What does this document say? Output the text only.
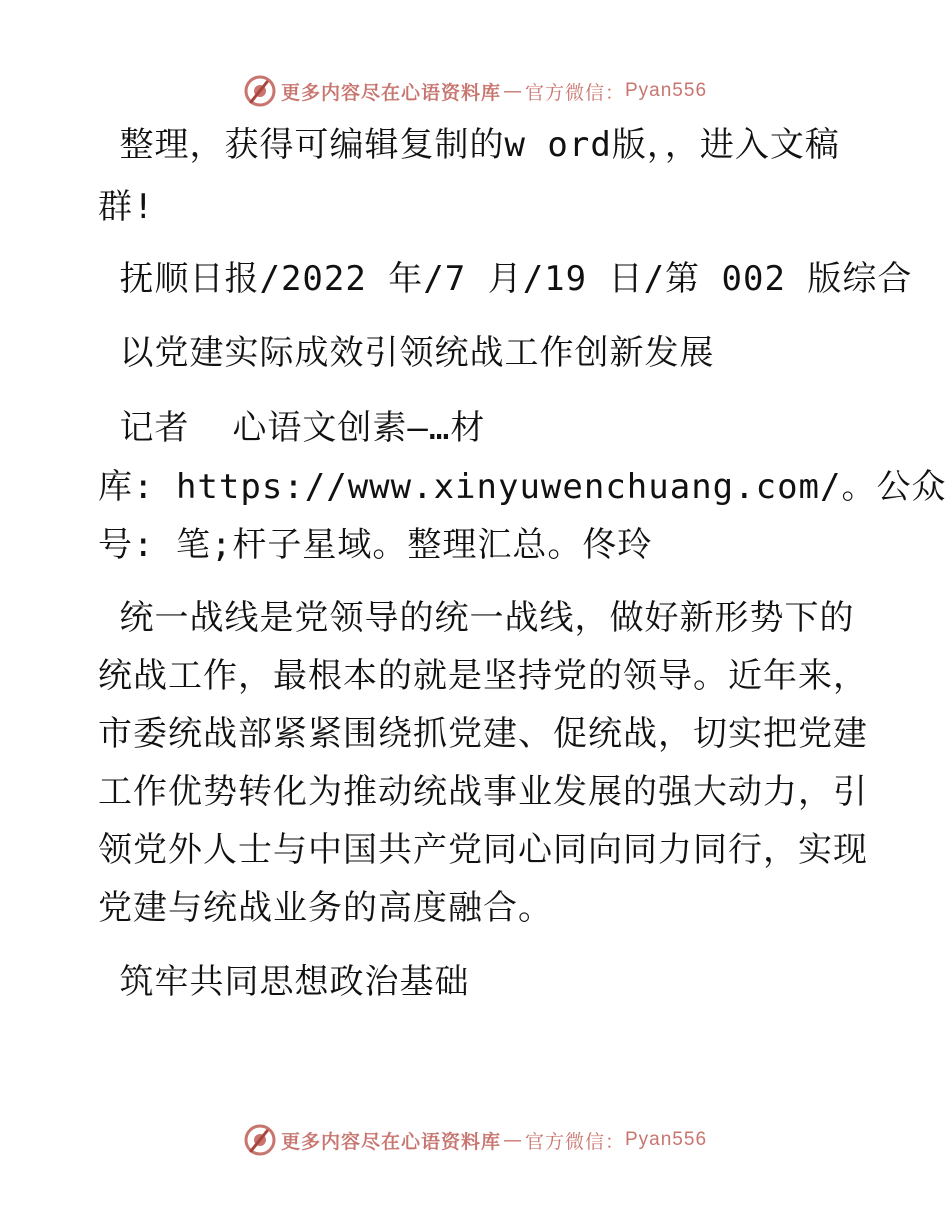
更多内容尽在心语资料库 — 官方微信： Pyan556
整理，获得可编辑复制的w ord版，，进入文稿
群!
抚顺日报/2022 年/7 月/19 日/第 002 版综合
以党建实际成效引领统战工作创新发展
记者  心语文创素—…材
库: https://www.xinyuwenchuang.com/。公众
号: 笔;杆子星域。整理汇总。佟玲
统一战线是党领导的统一战线，做好新形势下的
统战工作，最根本的就是坚持党的领导。近年来，
市委统战部紧紧围绕抓党建、促统战，切实把党建
工作优势转化为推动统战事业发展的强大动力，引
领党外人士与中国共产党同心同向同力同行，实现
党建与统战业务的高度融合。
筑牢共同思想政治基础
更多内容尽在心语资料库 — 官方微信： Pyan556
